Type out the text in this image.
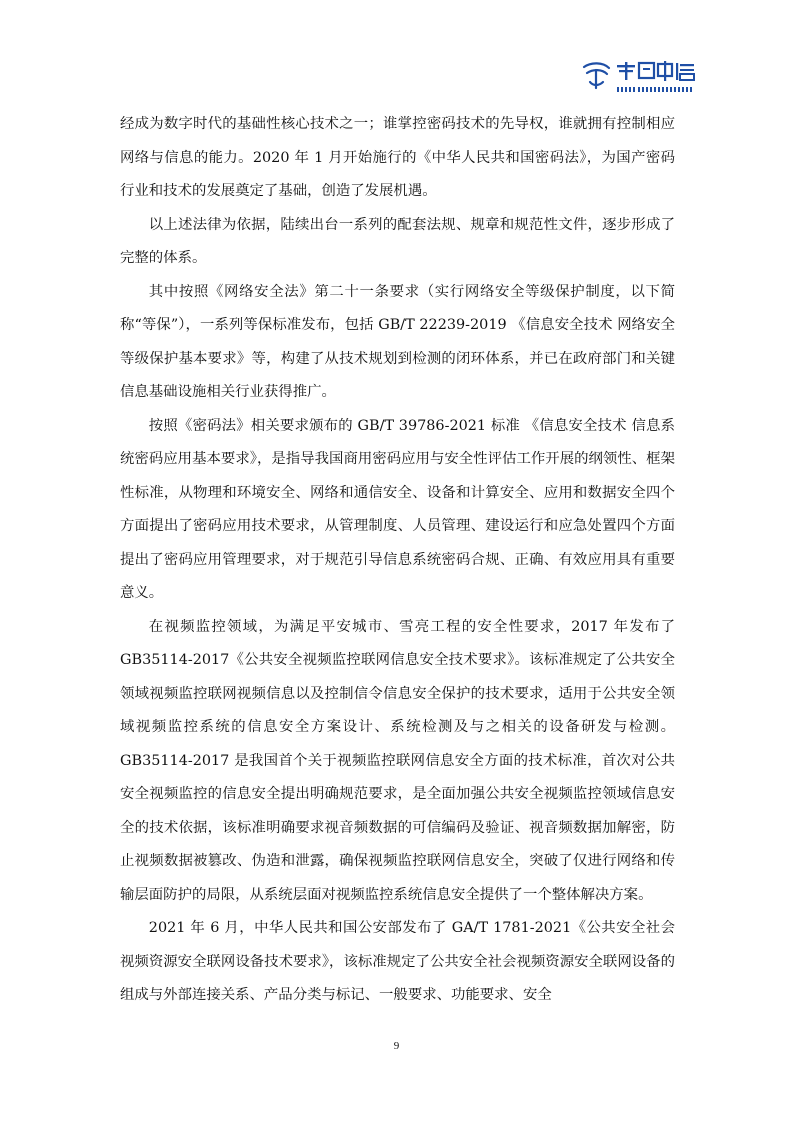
经成为数字时代的基础性核心技术之一；谁掌控密码技术的先导权，谁就拥有控制相应网络与信息的能力。2020 年 1 月开始施行的《中华人民共和国密码法》，为国产密码行业和技术的发展奠定了基础，创造了发展机遇。

以上述法律为依据，陆续出台一系列的配套法规、规章和规范性文件，逐步形成了完整的体系。

其中按照《网络安全法》第二十一条要求（实行网络安全等级保护制度，以下简称“等保”），一系列等保标准发布，包括 GB/T 22239-2019 《信息安全技术 网络安全等级保护基本要求》等，构建了从技术规划到检测的闭环体系，并已在政府部门和关键信息基础设施相关行业获得推广。

按照《密码法》相关要求颁布的 GB/T 39786-2021 标准 《信息安全技术 信息系统密码应用基本要求》，是指导我国商用密码应用与安全性评估工作开展的纲领性、框架性标准，从物理和环境安全、网络和通信安全、设备和计算安全、应用和数据安全四个方面提出了密码应用技术要求，从管理制度、人员管理、建设运行和应急处置四个方面提出了密码应用管理要求，对于规范引导信息系统密码合规、正确、有效应用具有重要意义。

在视频监控领域，为满足平安城市、雪亮工程的安全性要求，2017 年发布了 GB35114-2017《公共安全视频监控联网信息安全技术要求》。该标准规定了公共安全领域视频监控联网视频信息以及控制信令信息安全保护的技术要求，适用于公共安全领域视频监控系统的信息安全方案设计、系统检测及与之相关的设备研发与检测。GB35114-2017 是我国首个关于视频监控联网信息安全方面的技术标准，首次对公共安全视频监控的信息安全提出明确规范要求，是全面加强公共安全视频监控领域信息安全的技术依据，该标准明确要求视音频数据的可信编码及验证、视音频数据加解密，防止视频数据被篡改、伪造和泄露，确保视频监控联网信息安全，突破了仅进行网络和传输层面防护的局限，从系统层面对视频监控系统信息安全提供了一个整体解决方案。

2021 年 6 月，中华人民共和国公安部发布了 GA/T 1781-2021《公共安全社会视频资源安全联网设备技术要求》，该标准规定了公共安全社会视频资源安全联网设备的组成与外部连接关系、产品分类与标记、一般要求、功能要求、安全

9
